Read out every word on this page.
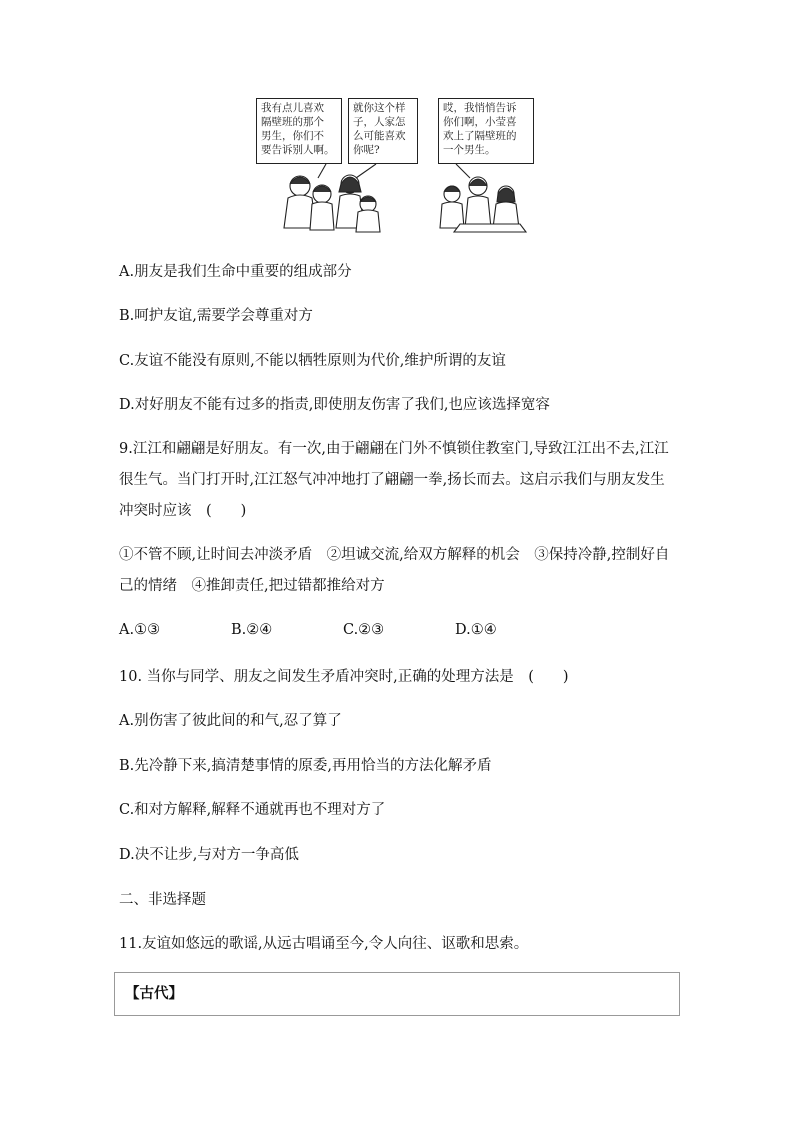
我有点儿喜欢
隔壁班的那个
男生，你们不
要告诉别人啊。
就你这个样
子，人家怎
么可能喜欢
你呢?
哎，我悄悄告诉
你们啊，小莹喜
欢上了隔壁班的
一个男生。
A.朋友是我们生命中重要的组成部分
B.呵护友谊,需要学会尊重对方
C.友谊不能没有原则,不能以牺牲原则为代价,维护所谓的友谊
D.对好朋友不能有过多的指责,即使朋友伤害了我们,也应该选择宽容
9.江江和翩翩是好朋友。有一次,由于翩翩在门外不慎锁住教室门,导致江江出不去,江江很生气。当门打开时,江江怒气冲冲地打了翩翩一拳,扬长而去。这启示我们与朋友发生冲突时应该　(　　)
①不管不顾,让时间去冲淡矛盾　②坦诚交流,给双方解释的机会　③保持冷静,控制好自己的情绪　④推卸责任,把过错都推给对方
A.①③	B.②④	C.②③	D.①④
10. 当你与同学、朋友之间发生矛盾冲突时,正确的处理方法是　(　　)
A.别伤害了彼此间的和气,忍了算了
B.先冷静下来,搞清楚事情的原委,再用恰当的方法化解矛盾
C.和对方解释,解释不通就再也不理对方了
D.决不让步,与对方一争高低
二、非选择题
11.友谊如悠远的歌谣,从远古唱诵至今,令人向往、讴歌和思索。
【古代】
